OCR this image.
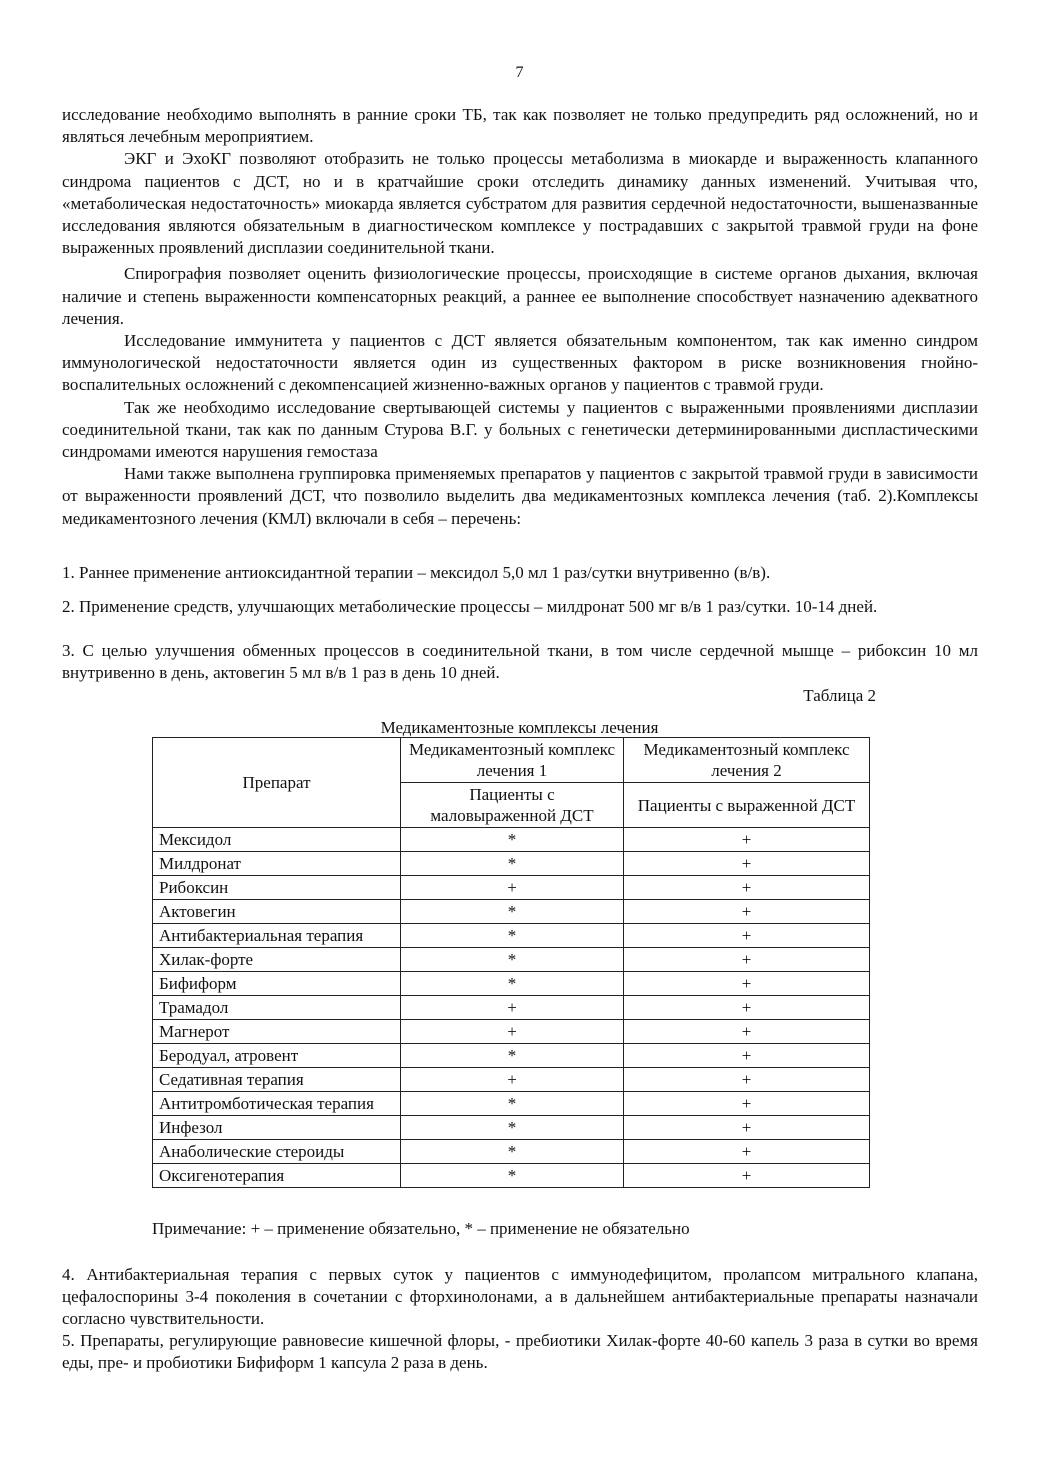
7

исследование необходимо выполнять в ранние сроки ТБ, так как позволяет не только предупредить ряд осложнений, но и являться лечебным мероприятием.

ЭКГ и ЭхоКГ позволяют отобразить не только процессы метаболизма в миокарде и выраженность клапанного синдрома пациентов с ДСТ, но и в кратчайшие сроки отследить динамику данных изменений. Учитывая что, «метаболическая недостаточность» миокарда является субстратом для развития сердечной недостаточности, вышеназванные исследования являются обязательным в диагностическом комплексе у пострадавших с закрытой травмой груди на фоне выраженных проявлений дисплазии соединительной ткани.

Спирография позволяет оценить физиологические процессы, происходящие в системе органов дыхания, включая наличие и степень выраженности компенсаторных реакций, а раннее ее выполнение способствует назначению адекватного лечения.

Исследование иммунитета у пациентов с ДСТ является обязательным компонентом, так как именно синдром иммунологической недостаточности является один из существенных фактором в риске возникновения гнойно-воспалительных осложнений с декомпенсацией жизненно-важных органов у пациентов с травмой груди.

Так же необходимо исследование свертывающей системы у пациентов с выраженными проявлениями дисплазии соединительной ткани, так как по данным Стурова В.Г. у больных с генетически детерминированными диспластическими синдромами имеются нарушения гемостаза

Нами также выполнена группировка применяемых препаратов у пациентов с закрытой травмой груди в зависимости от выраженности проявлений ДСТ, что позволило выделить два медикаментозных комплекса лечения (таб. 2).Комплексы медикаментозного лечения (КМЛ) включали в себя – перечень:

1. Раннее применение антиоксидантной терапии – мексидол 5,0 мл 1 раз/сутки внутривенно (в/в).

2. Применение средств, улучшающих метаболические процессы – милдронат 500 мг в/в 1 раз/сутки. 10-14 дней.

3. С целью улучшения обменных процессов в соединительной ткани, в том числе сердечной мышце – рибоксин 10 мл внутривенно в день, актовегин 5 мл в/в 1 раз в день 10 дней.

Таблица 2
Медикаментозные комплексы лечения
Препарат	Медикаментозный комплекс лечения 1	Медикаментозный комплекс лечения 2
	Пациенты с маловыраженной ДСТ	Пациенты с выраженной ДСТ
Мексидол	*	+
Милдронат	*	+
Рибоксин	+	+
Актовегин	*	+
Антибактериальная терапия	*	+
Хилак-форте	*	+
Бифиформ	*	+
Трамадол	+	+
Магнерот	+	+
Беродуал, атровент	*	+
Седативная терапия	+	+
Антитромботическая терапия	*	+
Инфезол	*	+
Анаболические стероиды	*	+
Оксигенотерапия	*	+
Примечание: + – применение обязательно, * – применение не обязательно

4. Антибактериальная терапия с первых суток у пациентов с иммунодефицитом, пролапсом митрального клапана, цефалоспорины 3-4 поколения в сочетании с фторхинолонами, а в дальнейшем антибактериальные препараты назначали согласно чувствительности.

5. Препараты, регулирующие равновесие кишечной флоры, - пребиотики Хилак-форте 40-60 капель 3 раза в сутки во время еды, пре- и пробиотики Бифиформ 1 капсула 2 раза в день.
